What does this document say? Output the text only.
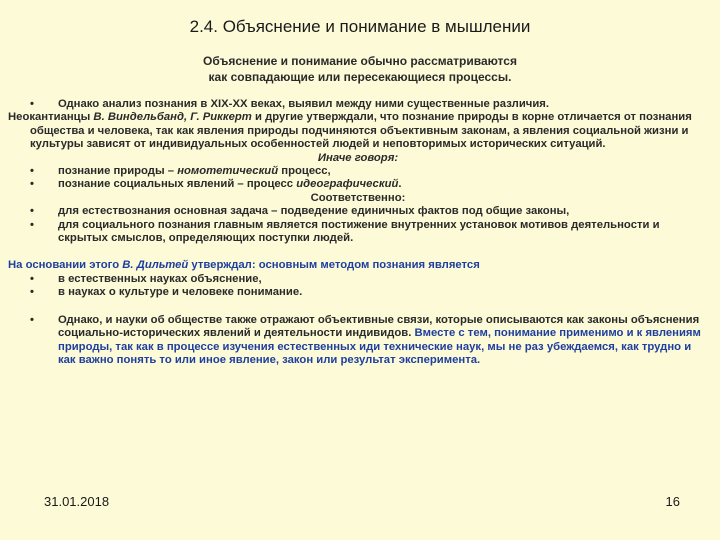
2.4. Объяснение и понимание в мышлении
Объяснение и понимание обычно рассматриваются
как совпадающие или пересекающиеся процессы.
•	Однако анализ познания в XIX-XX веках, выявил между ними существенные различия.
Неокантианцы В. Виндельбанд, Г. Риккерт и другие утверждали, что познание природы в корне отличается от познания общества и человека, так как явления природы подчиняются объективным законам, а явления социальной жизни и культуры зависят от индивидуальных особенностей людей и неповторимых исторических ситуаций.
Иначе говоря:
•	познание природы – номотетический процесс,
•	познание социальных явлений – процесс идеографический.
Соответственно:
•	для естествознания основная задача – подведение единичных фактов под общие законы,
•	для социального познания главным является постижение внутренних установок мотивов деятельности и скрытых смыслов, определяющих поступки людей.
На основании этого В. Дильтей утверждал: основным методом познания является
•	в естественных науках объяснение,
•	в науках о культуре и человеке понимание.
•	Однако, и науки об обществе также отражают объективные связи, которые описываются как законы объяснения социально-исторических явлений и деятельности индивидов. Вместе с тем, понимание применимо и к явлениям природы, так как в процессе изучения естественных иди технические наук, мы не раз убеждаемся, как трудно и как важно понять то или иное явление, закон или результат эксперимента.
31.01.2018	16
